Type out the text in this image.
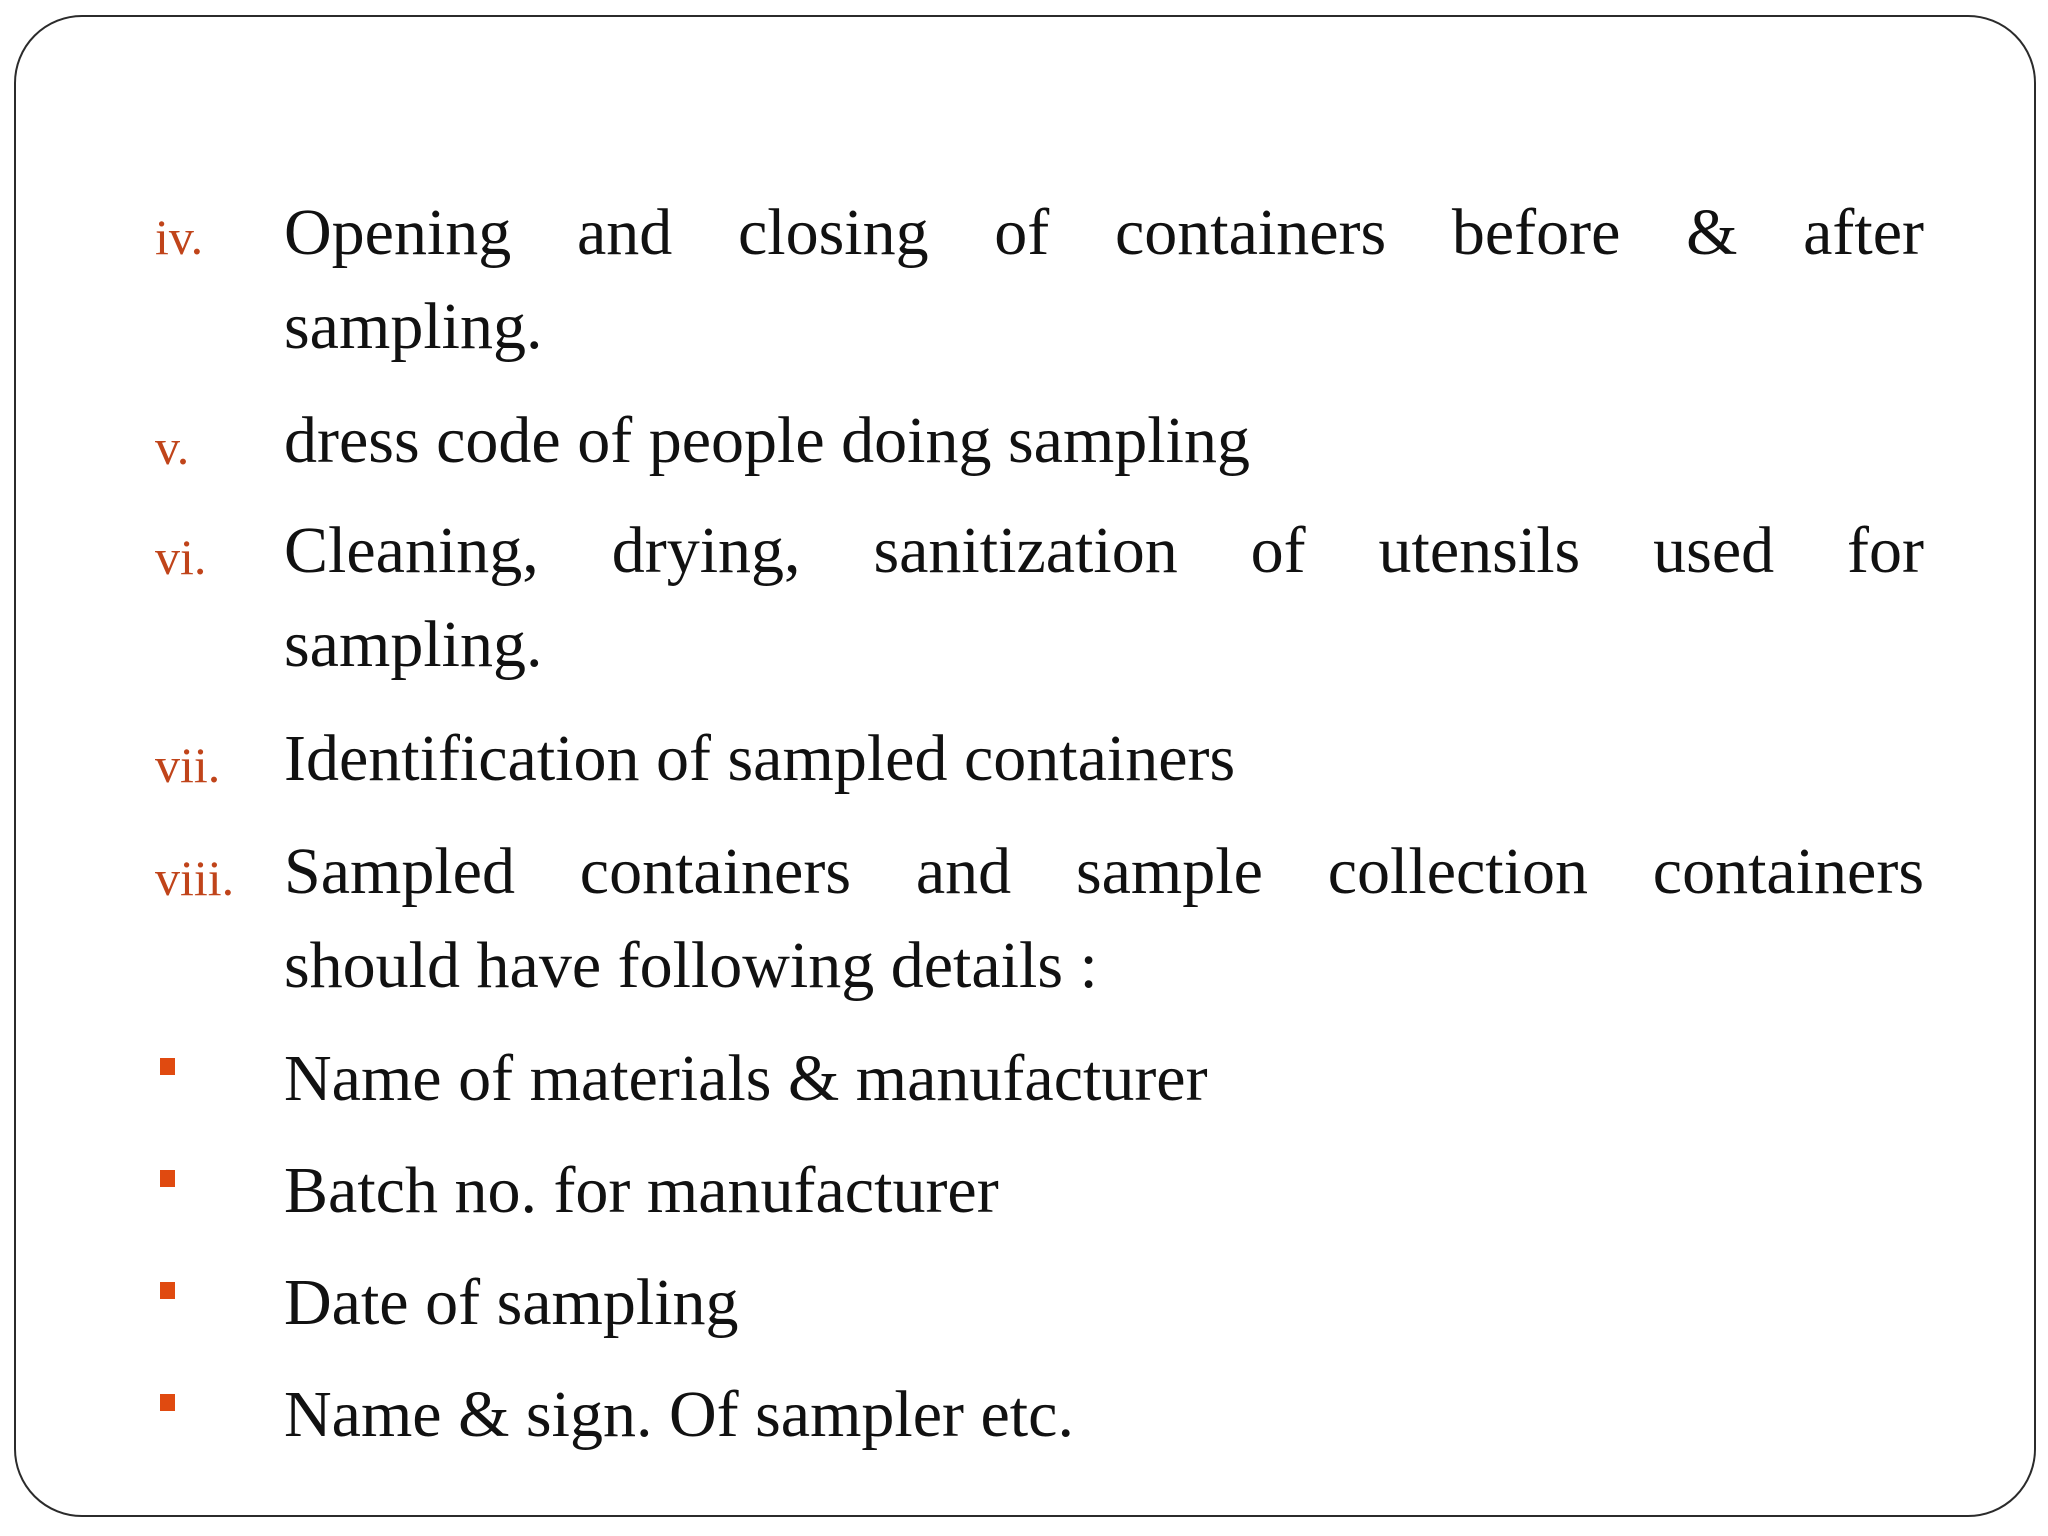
iv. Opening and closing of containers before & after
sampling.
v. dress code of people doing sampling
vi. Cleaning, drying, sanitization of utensils used for
sampling.
vii. Identification of sampled containers
viii. Sampled containers and sample collection containers
should have following details :
Name of materials & manufacturer
Batch no. for manufacturer
Date of sampling
Name & sign. Of sampler etc.
